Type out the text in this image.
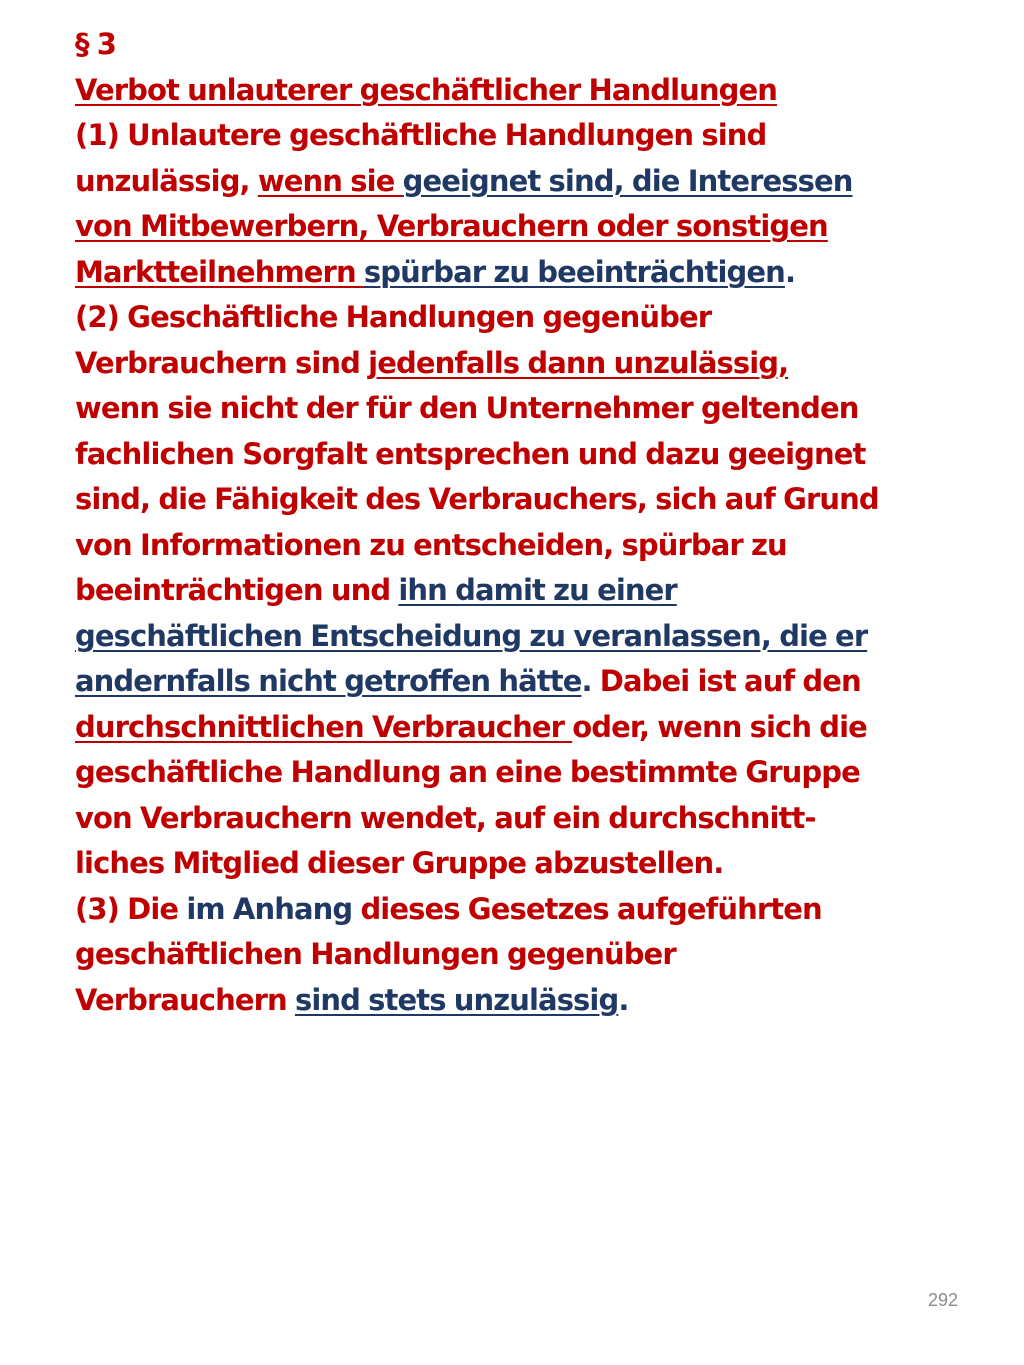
§ 3
Verbot unlauterer geschäftlicher Handlungen
(1) Unlautere geschäftliche Handlungen sind
unzulässig, wenn sie geeignet sind, die Interessen
von Mitbewerbern, Verbrauchern oder sonstigen
Marktteilnehmern spürbar zu beeinträchtigen.
(2) Geschäftliche Handlungen gegenüber
Verbrauchern sind jedenfalls dann unzulässig,
wenn sie nicht der für den Unternehmer geltenden
fachlichen Sorgfalt entsprechen und dazu geeignet
sind, die Fähigkeit des Verbrauchers, sich auf Grund
von Informationen zu entscheiden, spürbar zu
beeinträchtigen und ihn damit zu einer
geschäftlichen Entscheidung zu veranlassen, die er
andernfalls nicht getroffen hätte. Dabei ist auf den
durchschnittlichen Verbraucher oder, wenn sich die
geschäftliche Handlung an eine bestimmte Gruppe
von Verbrauchern wendet, auf ein durchschnitt-
liches Mitglied dieser Gruppe abzustellen.
(3) Die im Anhang dieses Gesetzes aufgeführten
geschäftlichen Handlungen gegenüber
Verbrauchern sind stets unzulässig.
292
